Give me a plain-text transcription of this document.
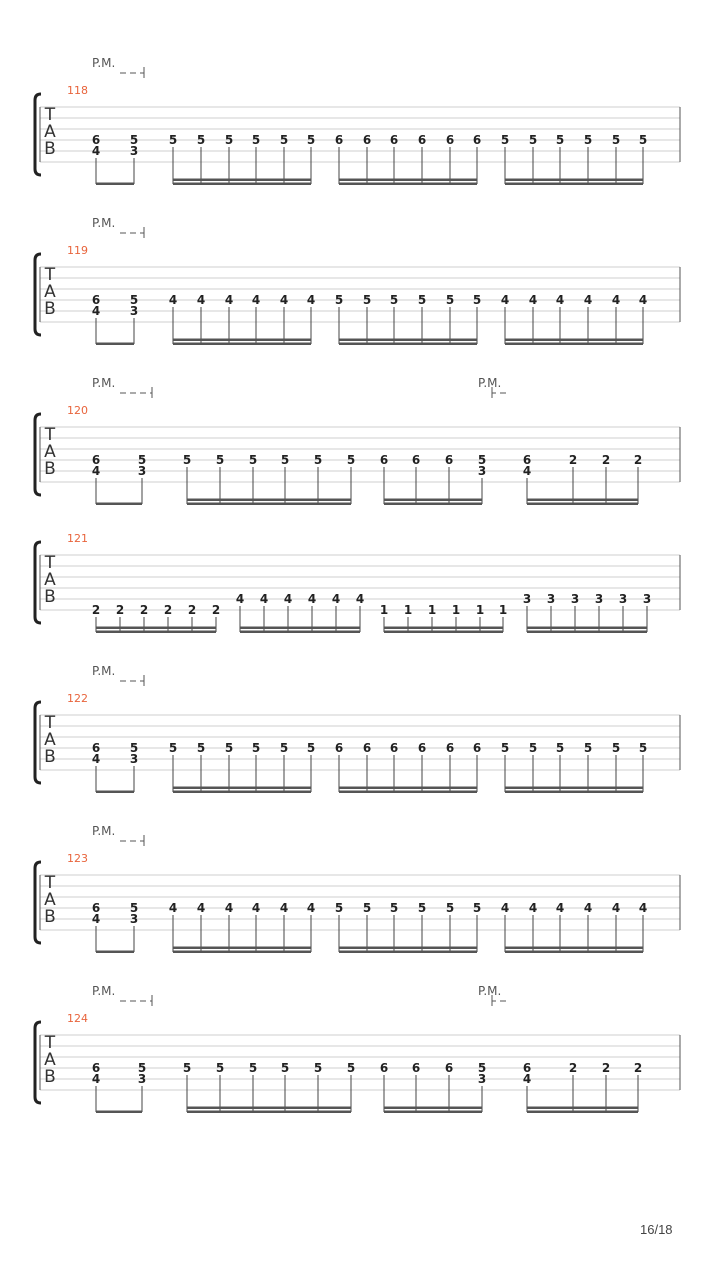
T
A
B
118
P.M.
6
4
5
3
5 5 5 5 5 5 6 6 6 6 6 6 5 5 5 5 5 5
T
A
B
119
P.M.
6
4
5
3
4 4 4 4 4 4 5 5 5 5 5 5 4 4 4 4 4 4
T
A
B
120
P.M.	P.M.
6
4
5
3
5 5 5 5 5 5 6 6 6 5
3
6
4
2 2 2
T
A
B
121
2 2 2 2 2 2
4 4 4 4 4 4
1 1 1 1 1 1
3 3 3 3 3 3
T
A
B
122
P.M.
6
4
5
3
5 5 5 5 5 5 6 6 6 6 6 6 5 5 5 5 5 5
T
A
B
123
P.M.
6
4
5
3
4 4 4 4 4 4 5 5 5 5 5 5 4 4 4 4 4 4
T
A
B
124
P.M.	P.M.
6
4
5
3
5 5 5 5 5 5 6 6 6 5
3
6
4
2 2 2
16/18
